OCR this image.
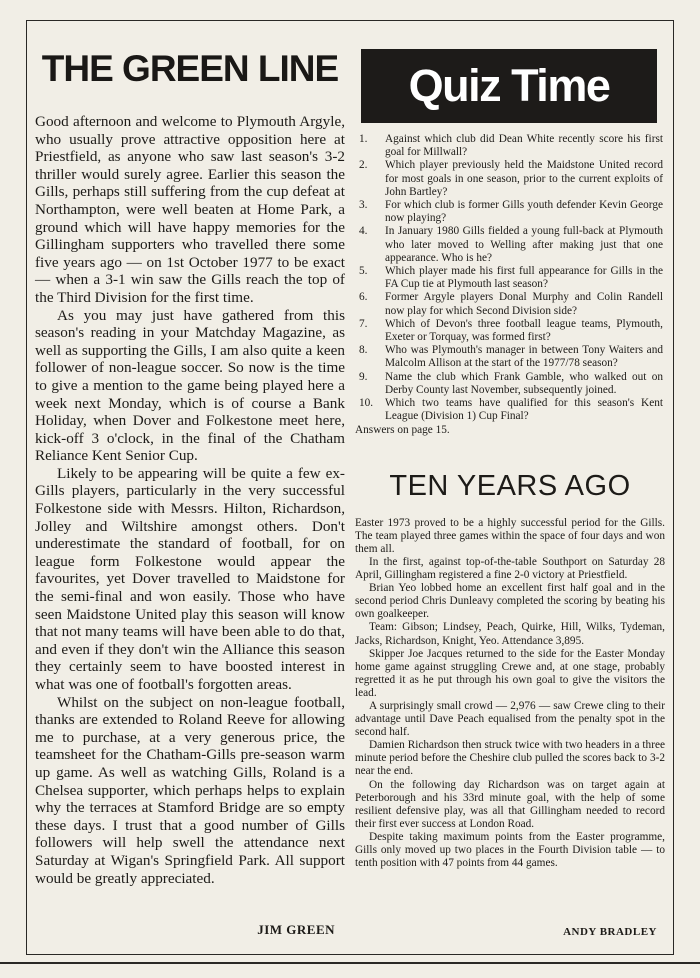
THE GREEN LINE

Good afternoon and welcome to Plymouth Argyle, who usually prove attractive opposition here at Priestfield, as anyone who saw last season's 3-2 thriller would surely agree. Earlier this season the Gills, perhaps still suffering from the cup defeat at Northampton, were well beaten at Home Park, a ground which will have happy memories for the Gillingham supporters who travelled there some five years ago — on 1st October 1977 to be exact — when a 3-1 win saw the Gills reach the top of the Third Division for the first time.

As you may just have gathered from this season's reading in your Matchday Magazine, as well as supporting the Gills, I am also quite a keen follower of non-league soccer. So now is the time to give a mention to the game being played here a week next Monday, which is of course a Bank Holiday, when Dover and Folkestone meet here, kick-off 3 o'clock, in the final of the Chatham Reliance Kent Senior Cup.

Likely to be appearing will be quite a few ex-Gills players, particularly in the very successful Folkestone side with Messrs. Hilton, Richardson, Jolley and Wiltshire amongst others. Don't underestimate the standard of football, for on league form Folkestone would appear the favourites, yet Dover travelled to Maidstone for the semi-final and won easily. Those who have seen Maidstone United play this season will know that not many teams will have been able to do that, and even if they don't win the Alliance this season they certainly seem to have boosted interest in what was one of football's forgotten areas.

Whilst on the subject on non-league football, thanks are extended to Roland Reeve for allowing me to purchase, at a very generous price, the teamsheet for the Chatham-Gills pre-season warm up game. As well as watching Gills, Roland is a Chelsea supporter, which perhaps helps to explain why the terraces at Stamford Bridge are so empty these days. I trust that a good number of Gills followers will help swell the attendance next Saturday at Wigan's Springfield Park. All support would be greatly appreciated.

JIM GREEN
Quiz Time
1.	Against which club did Dean White recently score his first goal for Millwall?
2.	Which player previously held the Maidstone United record for most goals in one season, prior to the current exploits of John Bartley?
3.	For which club is former Gills youth defender Kevin George now playing?
4.	In January 1980 Gills fielded a young full-back at Plymouth who later moved to Welling after making just that one appearance. Who is he?
5.	Which player made his first full appearance for Gills in the FA Cup tie at Plymouth last season?
6.	Former Argyle players Donal Murphy and Colin Randell now play for which Second Division side?
7.	Which of Devon's three football league teams, Plymouth, Exeter or Torquay, was formed first?
8.	Who was Plymouth's manager in between Tony Waiters and Malcolm Allison at the start of the 1977/78 season?
9.	Name the club which Frank Gamble, who walked out on Derby County last November, subsequently joined.
10.	Which two teams have qualified for this season's Kent League (Division 1) Cup Final?
Answers on page 15.
TEN YEARS AGO

Easter 1973 proved to be a highly successful period for the Gills. The team played three games within the space of four days and won them all.

In the first, against top-of-the-table Southport on Saturday 28 April, Gillingham registered a fine 2-0 victory at Priestfield.

Brian Yeo lobbed home an excellent first half goal and in the second period Chris Dunleavy completed the scoring by beating his own goalkeeper.

Team: Gibson; Lindsey, Peach, Quirke, Hill, Wilks, Tydeman, Jacks, Richardson, Knight, Yeo. Attendance 3,895.

Skipper Joe Jacques returned to the side for the Easter Monday home game against struggling Crewe and, at one stage, probably regretted it as he put through his own goal to give the visitors the lead.

A surprisingly small crowd — 2,976 — saw Crewe cling to their advantage until Dave Peach equalised from the penalty spot in the second half.

Damien Richardson then struck twice with two headers in a three minute period before the Cheshire club pulled the scores back to 3-2 near the end.

On the following day Richardson was on target again at Peterborough and his 33rd minute goal, with the help of some resilient defensive play, was all that Gillingham needed to record their first ever success at London Road.

Despite taking maximum points from the Easter programme, Gills only moved up two places in the Fourth Division table — to tenth position with 47 points from 44 games.

ANDY BRADLEY
